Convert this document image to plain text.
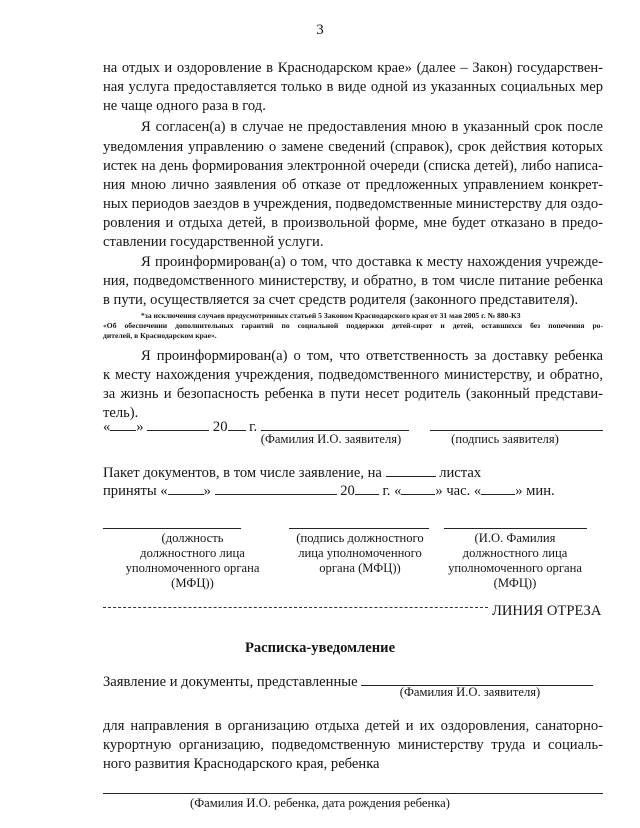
3
на отдых и оздоровление в Краснодарском крае» (далее – Закон) государствен-
ная услуга предоставляется только в виде одной из указанных социальных мер
не чаще одного раза в год.
Я согласен(а) в случае не предоставления мною в указанный срок после
уведомления управлению о замене сведений (справок), срок действия которых
истек на день формирования электронной очереди (списка детей), либо написа-
ния мною лично заявления об отказе от предложенных управлением конкрет-
ных периодов заездов в учреждения, подведомственные министерству для оздо-
ровления и отдыха детей, в произвольной форме, мне будет отказано в предо-
ставлении государственной услуги.
Я проинформирован(а) о том, что доставка к месту нахождения учрежде-
ния, подведомственного министерству, и обратно, в том числе питание ребенка
в пути, осуществляется за счет средств родителя (законного представителя).
*за исключения случаев предусмотренных статьей 5 Законом Краснодарского края от 31 мая 2005 г. № 880-КЗ
«Об обеспечении дополнительных гарантий по социальной поддержки детей-сирот и детей, оставшихся без попечения ро-
дителей, в Краснодарском крае».
Я проинформирован(а) о том, что ответственность за доставку ребенка
к месту нахождения учреждения, подведомственного министерству, и обратно,
за жизнь и безопасность ребенка в пути несет родитель (законный представи-
тель).
« »	20 г.
(Фамилия И.О. заявителя)	(подпись заявителя)
Пакет документов, в том числе заявление, на	листах
приняты « »	20 г. « » час. « » мин.
(должность
должностного лица
уполномоченного органа
(МФЦ))
(подпись должностного
лица уполномоченного
органа (МФЦ))
(И.О. Фамилия
должностного лица
уполномоченного органа
(МФЦ))
ЛИНИЯ ОТРЕЗА
Расписка-уведомление
Заявление и документы, представленные
(Фамилия И.О. заявителя)
для направления в организацию отдыха детей и их оздоровления, санаторно-
курортную организацию, подведомственную министерству труда и социаль-
ного развития Краснодарского края, ребенка
(Фамилия И.О. ребенка, дата рождения ребенка)
